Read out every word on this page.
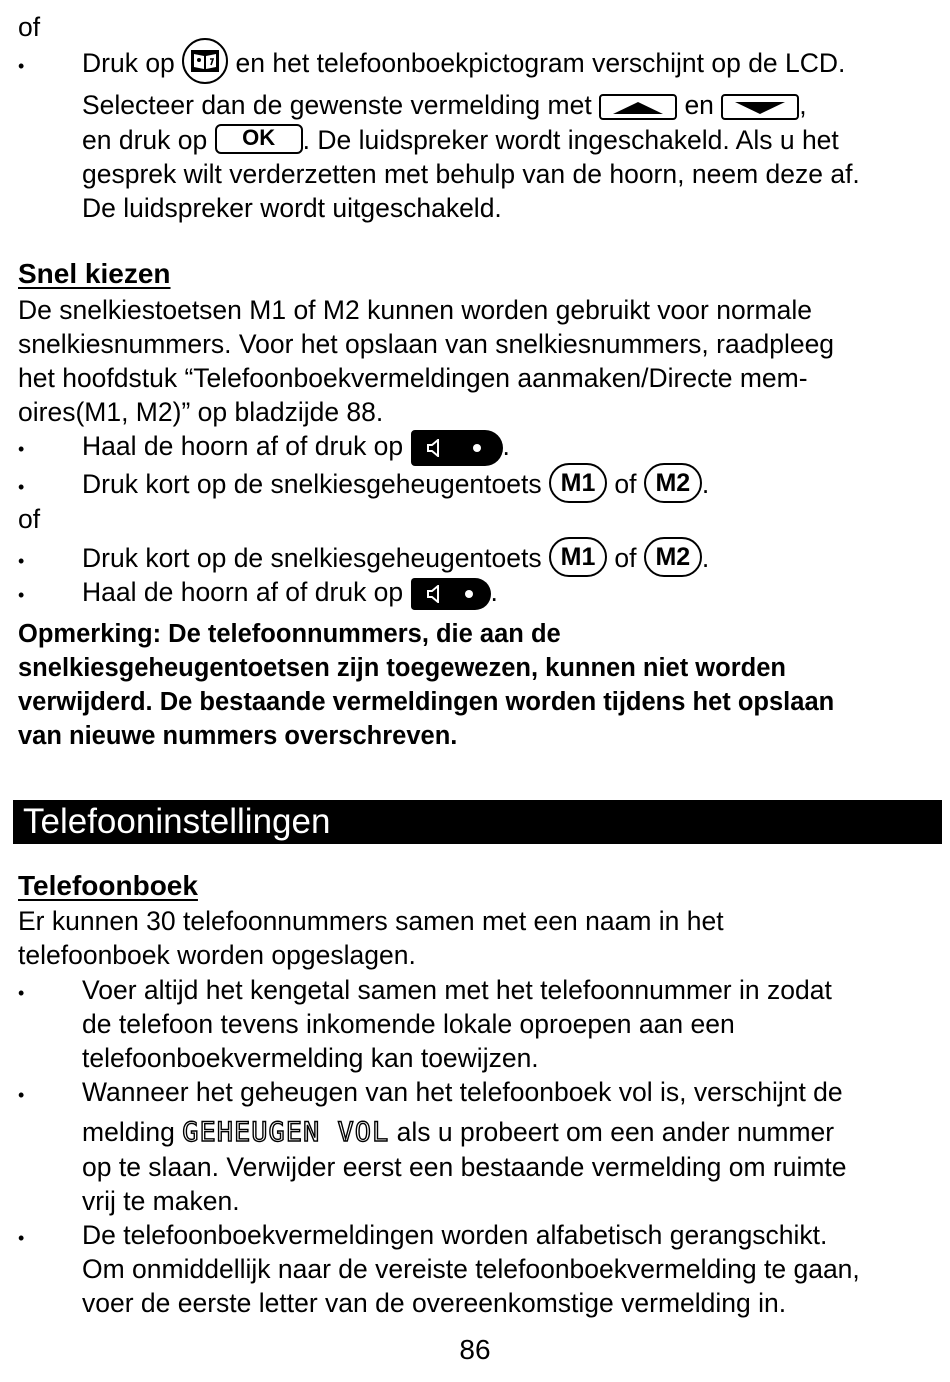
of
•
Druk op en het telefoonboekpictogram verschijnt op de LCD.
Selecteer dan de gewenste vermelding met	en	,
en druk op OK . De luidspreker wordt ingeschakeld. Als u het
gesprek wilt verderzetten met behulp van de hoorn, neem deze af.
De luidspreker wordt uitgeschakeld.
Snel kiezen
De snelkiestoetsen M1 of M2 kunnen worden gebruikt voor normale
snelkiesnummers. Voor het opslaan van snelkiesnummers, raadpleeg
het hoofdstuk “Telefoonboekvermeldingen aanmaken/Directe mem-
oires(M1, M2)” op bladzijde 88.
•
Haal de hoorn af of druk op	.
•
Druk kort op de snelkiesgeheugentoets M1 of M2 .
of
•
Druk kort op de snelkiesgeheugentoets M1 of M2 .
•
Haal de hoorn af of druk op	.
Opmerking: De telefoonnummers, die aan de
snelkiesgeheugentoetsen zijn toegewezen, kunnen niet worden
verwijderd. De bestaande vermeldingen worden tijdens het opslaan
van nieuwe nummers overschreven.
Telefooninstellingen
Telefoonboek
Er kunnen 30 telefoonnummers samen met een naam in het
telefoonboek worden opgeslagen.
•
Voer altijd het kengetal samen met het telefoonnummer in zodat
de telefoon tevens inkomende lokale oproepen aan een
telefoonboekvermelding kan toewijzen.
•
Wanneer het geheugen van het telefoonboek vol is, verschijnt de
melding GEHEUGEN VOL als u probeert om een ander nummer
op te slaan. Verwijder eerst een bestaande vermelding om ruimte
vrij te maken.
•
De telefoonboekvermeldingen worden alfabetisch gerangschikt.
Om onmiddellijk naar de vereiste telefoonboekvermelding te gaan,
voer de eerste letter van de overeenkomstige vermelding in.
86
